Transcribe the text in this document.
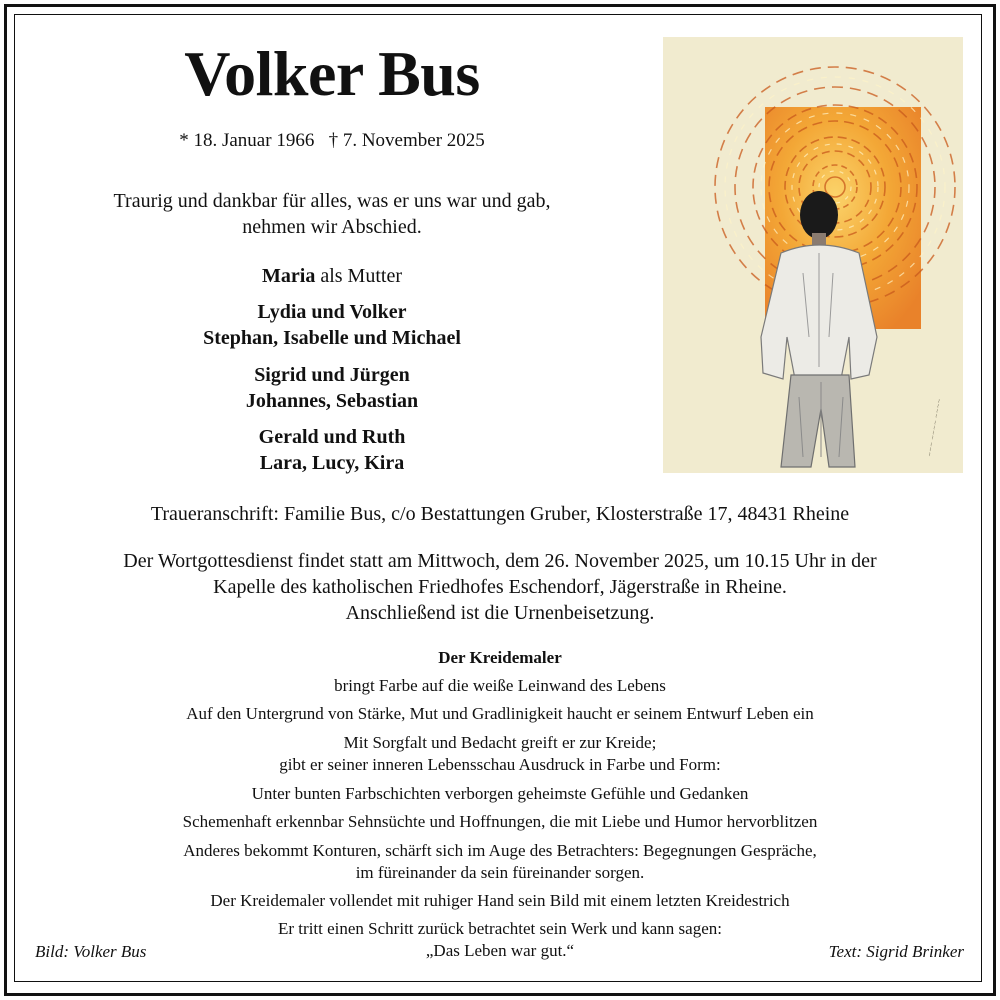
Volker Bus
* 18. Januar 1966   † 7. November 2025
Traurig und dankbar für alles, was er uns war und gab,
nehmen wir Abschied.
Maria als Mutter
Lydia und Volker
Stephan, Isabelle und Michael
Sigrid und Jürgen
Johannes, Sebastian
Gerald und Ruth
Lara, Lucy, Kira
~~~ ~~~~ ~~~~
Traueranschrift: Familie Bus, c/o Bestattungen Gruber, Klosterstraße 17, 48431 Rheine
Der Wortgottesdienst findet statt am Mittwoch, dem 26. November 2025, um 10.15 Uhr in der
Kapelle des katholischen Friedhofes Eschendorf, Jägerstraße in Rheine.
Anschließend ist die Urnenbeisetzung.
Der Kreidemaler
bringt Farbe auf die weiße Leinwand des Lebens
Auf den Untergrund von Stärke, Mut und Gradlinigkeit haucht er seinem Entwurf Leben ein
Mit Sorgfalt und Bedacht greift er zur Kreide;
gibt er seiner inneren Lebensschau Ausdruck in Farbe und Form:
Unter bunten Farbschichten verborgen geheimste Gefühle und Gedanken
Schemenhaft erkennbar Sehnsüchte und Hoffnungen, die mit Liebe und Humor hervorblitzen
Anderes bekommt Konturen, schärft sich im Auge des Betrachters: Begegnungen Gespräche,
im füreinander da sein füreinander sorgen.
Der Kreidemaler vollendet mit ruhiger Hand sein Bild mit einem letzten Kreidestrich
Er tritt einen Schritt zurück betrachtet sein Werk und kann sagen:
„Das Leben war gut.“
Bild: Volker Bus	Text: Sigrid Brinker
